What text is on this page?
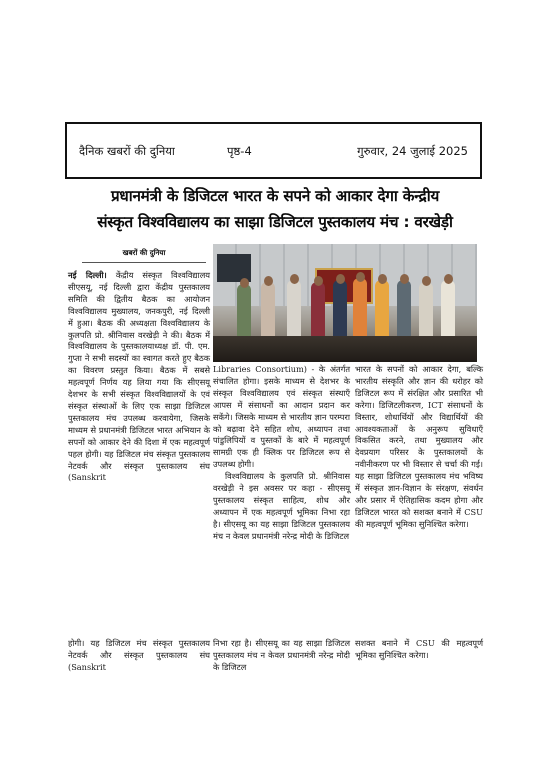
दैनिक खबरों की दुनिया	पृष्ठ-4	गुरुवार, 24 जुलाई 2025
प्रधानमंत्री के डिजिटल भारत के सपने को आकार देगा केन्द्रीय
संस्कृत विश्वविद्यालय का साझा डिजिटल पुस्तकालय मंच : वरखेड़ी
खबरों की दुनिया

नई दिल्ली। केंद्रीय संस्कृत विश्वविद्यालय सीएसयू, नई दिल्ली द्वारा केंद्रीय पुस्तकालय समिति की द्वितीय बैठक का आयोजन विश्वविद्यालय मुख्यालय, जनकपुरी, नई दिल्ली में हुआ। बैठक की अध्यक्षता विश्वविद्यालय के कुलपति प्रो. श्रीनिवास वरखेड़ी ने की। बैठक में विश्वविद्यालय के पुस्तकालयाध्यक्ष डॉ. पी. एम. गुप्ता ने सभी सदस्यों का स्वागत करते हुए बैठक का विवरण प्रस्तुत किया। बैठक में सबसे महत्वपूर्ण निर्णय यह लिया गया कि सीएसयू देशभर के सभी संस्कृत विश्वविद्यालयों के एवं संस्कृत संस्थाओं के लिए एक साझा डिजिटल पुस्तकालय मंच उपलब्ध करवायेगा, जिसके माध्यम से प्रधानमंत्री डिजिटल भारत अभियान के सपनों को आकार देने की दिशा में एक महत्वपूर्ण पहल होगी। यह डिजिटल मंच संस्कृत पुस्तकालय नेटवर्क और संस्कृत पुस्तकालय संघ (Sanskrit

Libraries Consortium) - के अंतर्गत संचालित होगा। इसके माध्यम से देशभर के संस्कृत विश्वविद्यालय एवं संस्कृत संस्थाएँ आपस में संसाधनों का आदान प्रदान कर सकेंगे। जिसके माध्यम से भारतीय ज्ञान परम्परा को बढ़ावा देने सहित शोध, अध्यापन तथा पांडुलिपियों व पुस्तकों के बारे में महत्वपूर्ण सामग्री एक ही क्लिक पर डिजिटल रूप से उपलब्ध होगी।

विश्वविद्यालय के कुलपति प्रो. श्रीनिवास वरखेड़ी ने इस अवसर पर कहा - सीएसयू पुस्तकालय संस्कृत साहित्य, शोध और अध्यापन में एक महत्वपूर्ण भूमिका निभा रहा है। सीएसयू का यह साझा डिजिटल पुस्तकालय मंच न केवल प्रधानमंत्री नरेन्द्र मोदी के डिजिटल

भारत के सपनों को आकार देगा, बल्कि भारतीय संस्कृति और ज्ञान की धरोहर को डिजिटल रूप में संरक्षित और प्रसारित भी करेगा। डिजिटलीकरण, ICT संसाधनों के विस्तार, शोधार्थियों और विद्यार्थियों की आवश्यकताओं के अनुरूप सुविधाएँ विकसित करने, तथा मुख्यालय और देवप्रयाग परिसर के पुस्तकालयों के नवीनीकरण पर भी विस्तार से चर्चा की गई। यह साझा डिजिटल पुस्तकालय मंच भविष्य में संस्कृत ज्ञान-विज्ञान के संरक्षण, संवर्धन और प्रसार में ऐतिहासिक कदम होगा और डिजिटल भारत को सशक्त बनाने में CSU की महत्वपूर्ण भूमिका सुनिश्चित करेगा।

होगी। यह डिजिटल मंच संस्कृत पुस्तकालय नेटवर्क और संस्कृत पुस्तकालय संघ (Sanskrit
निभा रहा है। सीएसयू का यह साझा डिजिटल पुस्तकालय मंच न केवल प्रधानमंत्री नरेन्द्र मोदी के डिजिटल
सशक्त बनाने में CSU की महत्वपूर्ण भूमिका सुनिश्चित करेगा।
